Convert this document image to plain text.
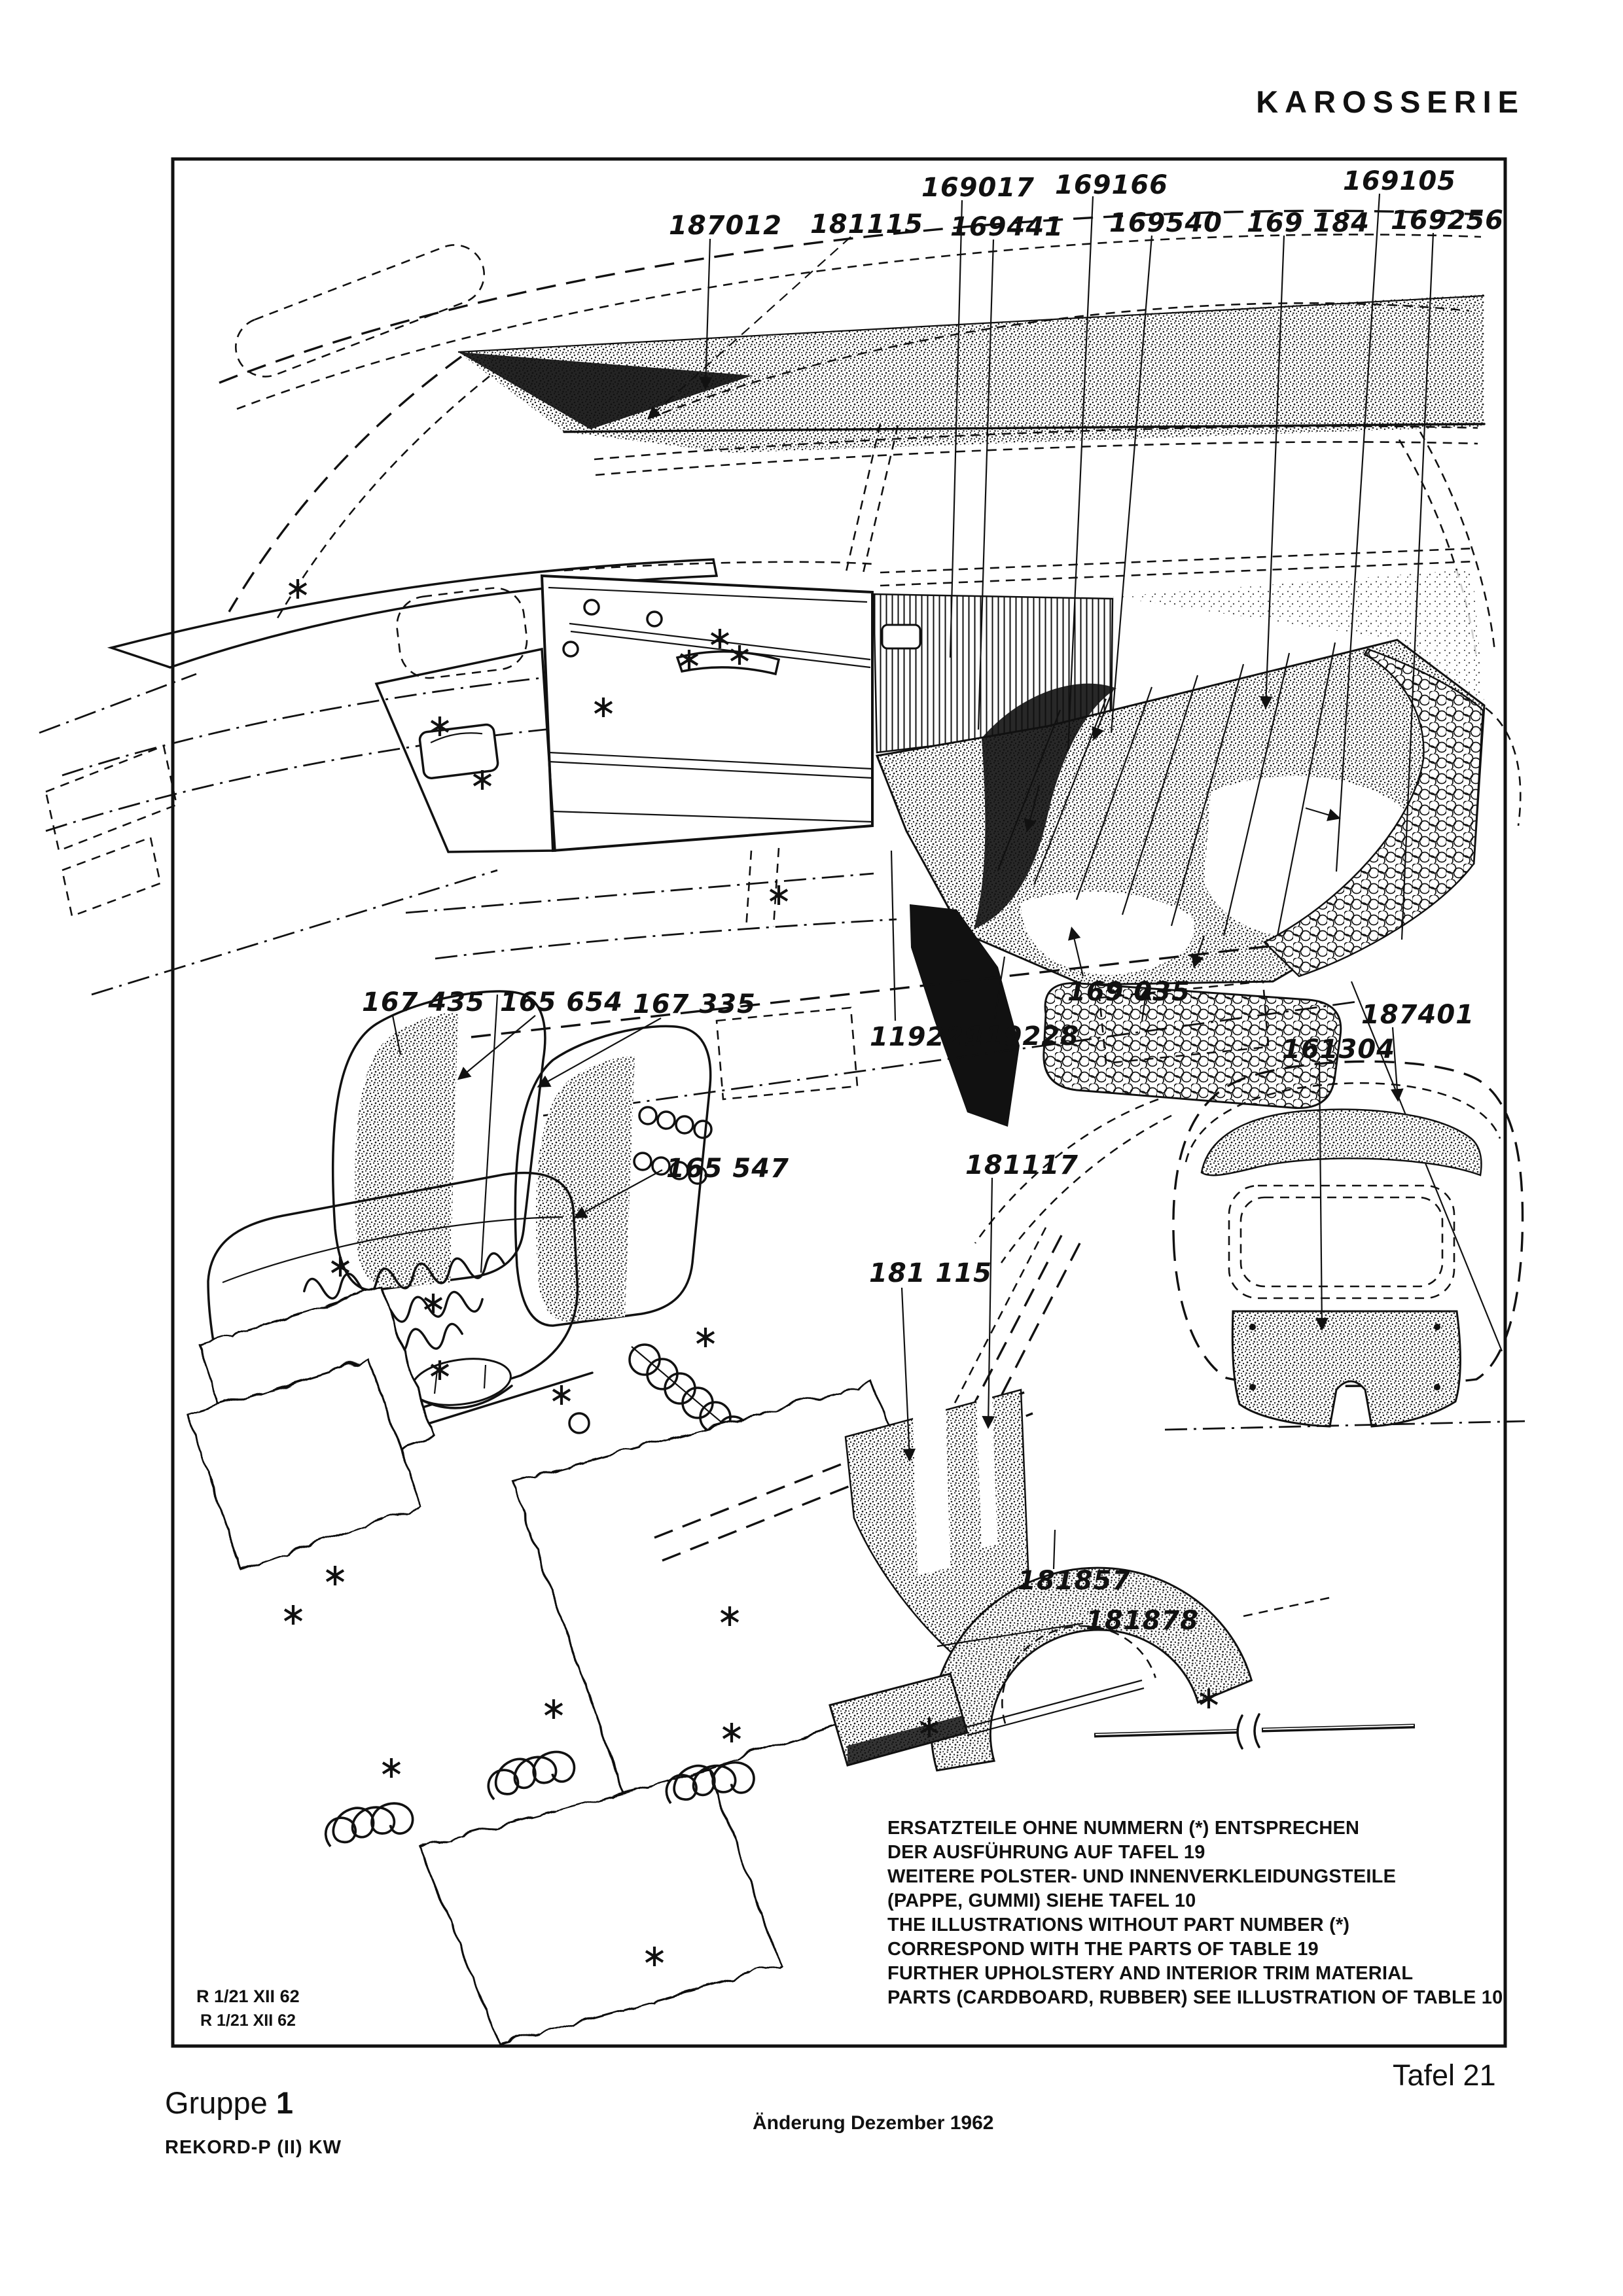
169017 169166	169105
187012 181115 169441 169540 169 184 169256
167 435 165 654 167 335
165 547
119229
119228
169 035
187401
161304
181117
181 115
181857
181878
KAROSSERIE
ERSATZTEILE OHNE NUMMERN (*) ENTSPRECHEN
DER AUSFÜHRUNG AUF TAFEL 19
WEITERE POLSTER- UND INNENVERKLEIDUNGSTEILE
(PAPPE, GUMMI) SIEHE TAFEL 10
THE ILLUSTRATIONS WITHOUT PART NUMBER (*)
CORRESPOND WITH THE PARTS OF TABLE 19
FURTHER UPHOLSTERY AND INTERIOR TRIM MATERIAL
PARTS (CARDBOARD, RUBBER) SEE ILLUSTRATION OF TABLE 10
R 1/21 XII 62
R 1/21 XII 62
Gruppe 1
REKORD-P (II) KW
Änderung Dezember 1962
Tafel 21
